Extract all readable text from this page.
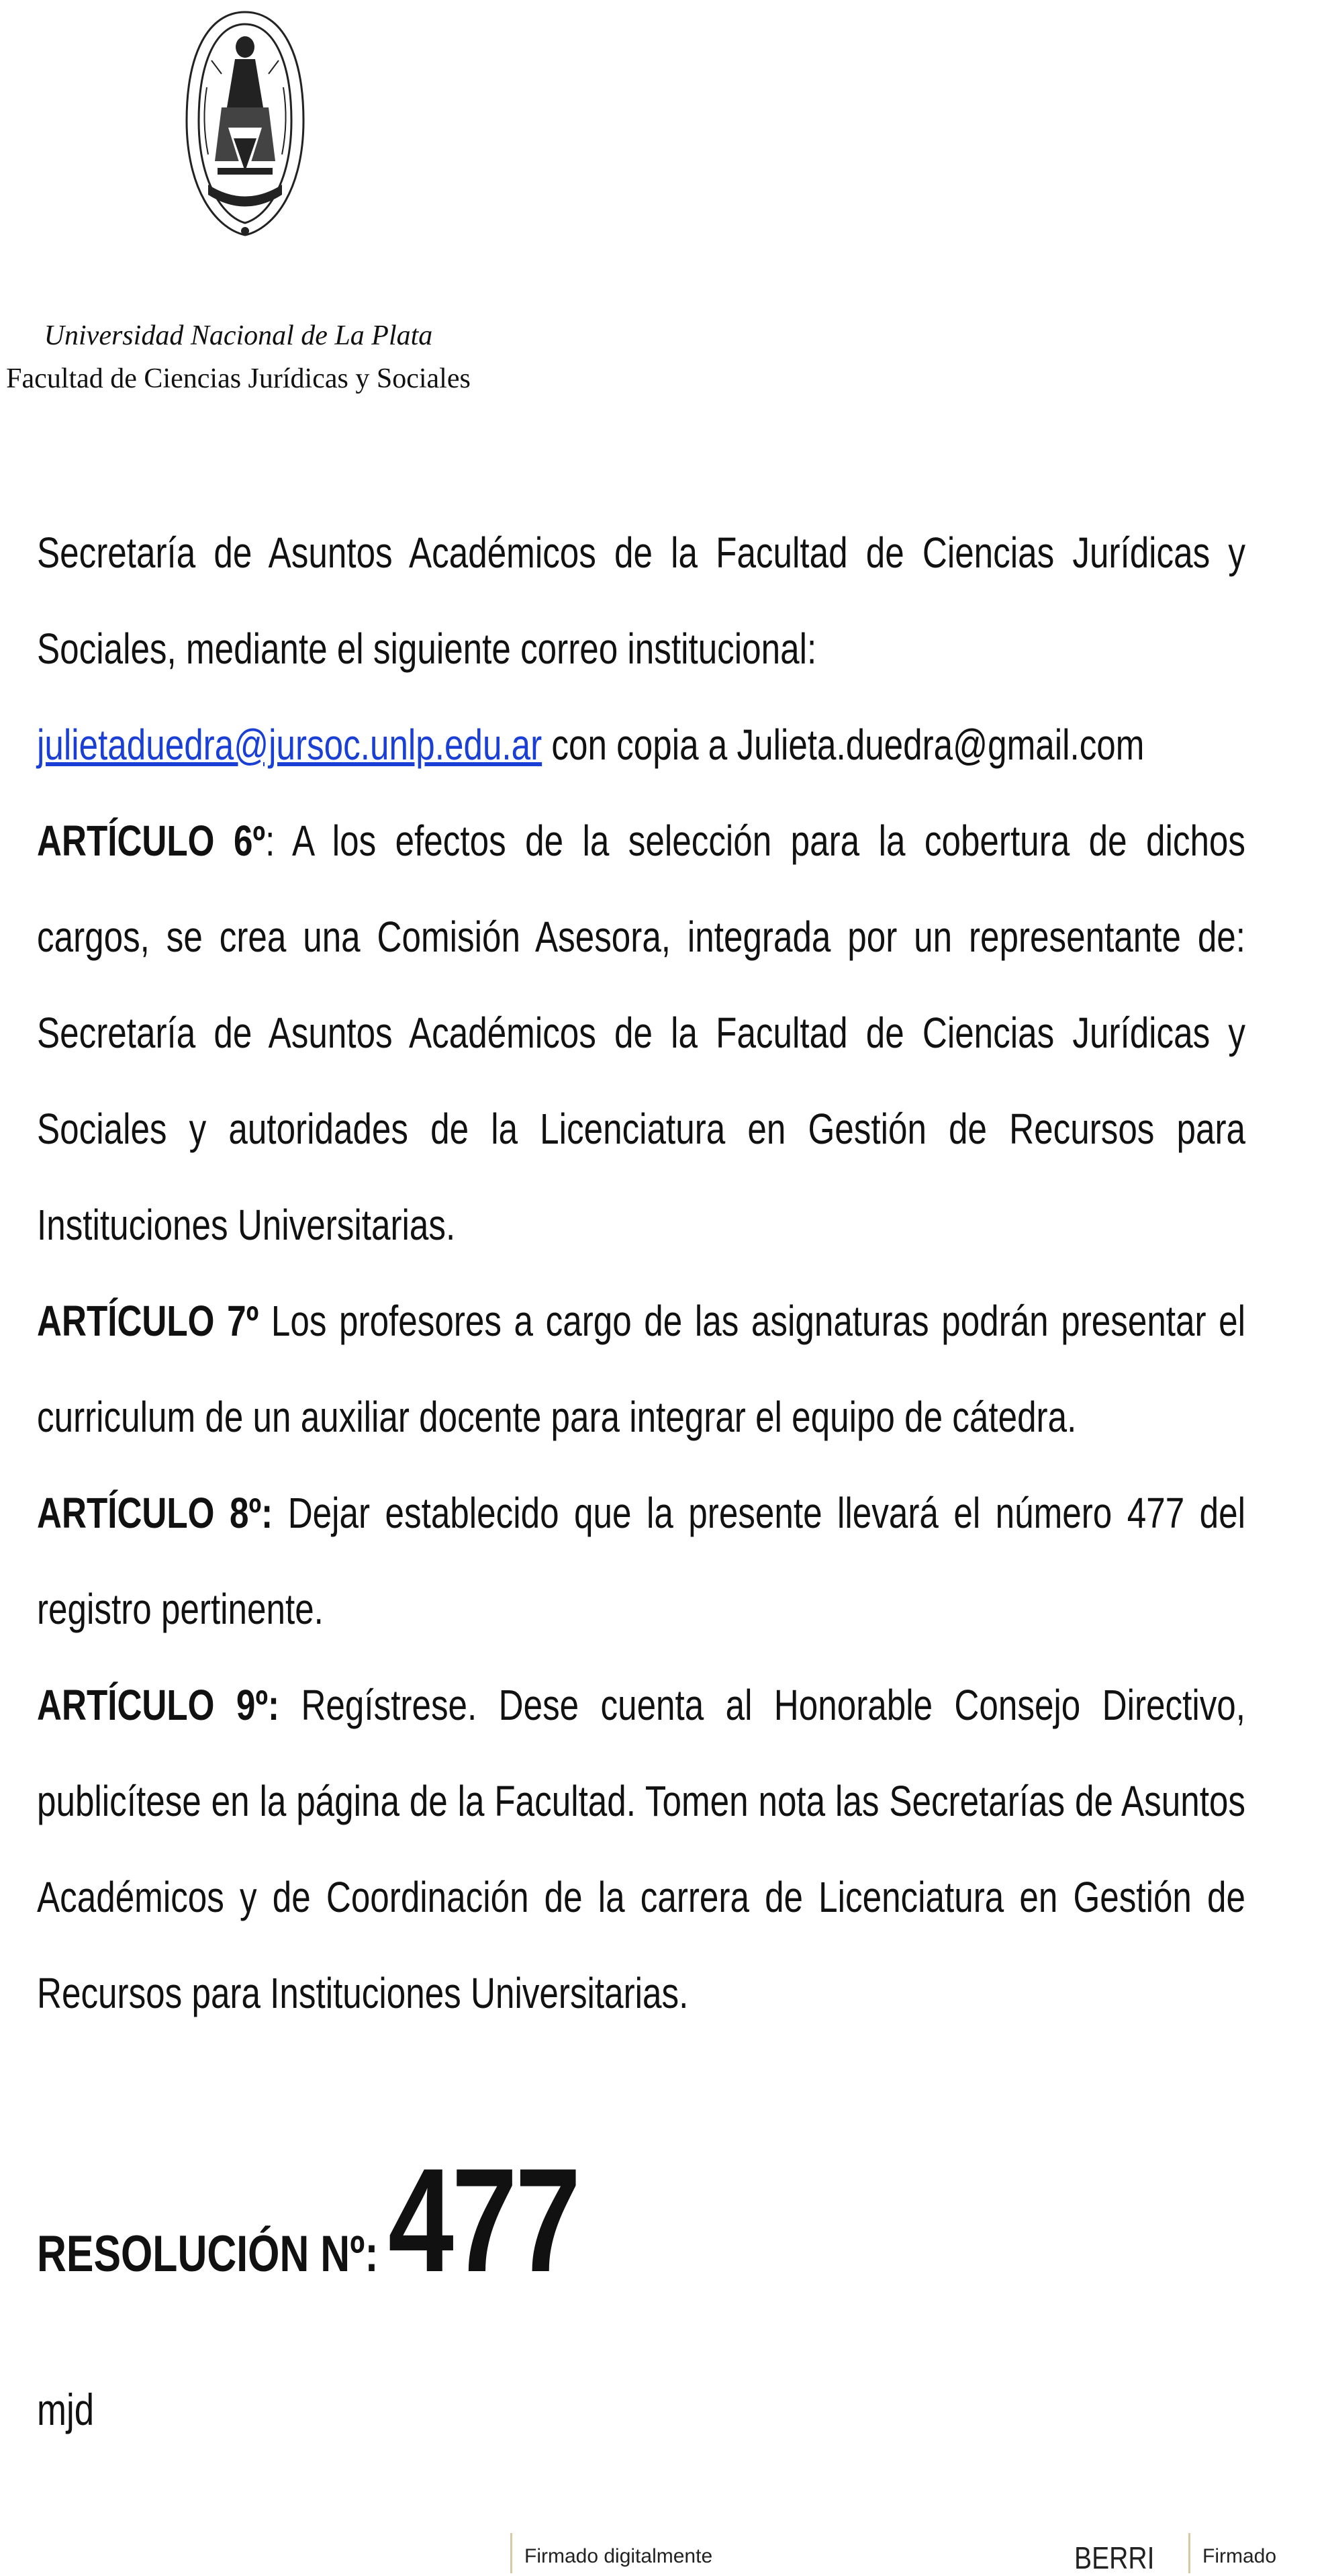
Universidad Nacional de La Plata
Facultad de Ciencias Jurídicas y Sociales

Secretaría de Asuntos Académicos de la Facultad de Ciencias Jurídicas y Sociales, mediante el siguiente correo institucional:

julietaduedra@jursoc.unlp.edu.ar con copia a Julieta.duedra@gmail.com

ARTÍCULO 6º: A los efectos de la selección para la cobertura de dichos cargos, se crea una Comisión Asesora, integrada por un representante de: Secretaría de Asuntos Académicos de la Facultad de Ciencias Jurídicas y Sociales y autoridades de la Licenciatura en Gestión de Recursos para Instituciones Universitarias.

ARTÍCULO 7º Los profesores a cargo de las asignaturas podrán presentar el curriculum de un auxiliar docente para integrar el equipo de cátedra.

ARTÍCULO 8º: Dejar establecido que la presente llevará el número 477 del registro pertinente.

ARTÍCULO 9º: Regístrese. Dese cuenta al Honorable Consejo Directivo, publicítese en la página de la Facultad. Tomen nota las Secretarías de Asuntos Académicos y de Coordinación de la carrera de Licenciatura en Gestión de Recursos para Instituciones Universitarias.

RESOLUCIÓN Nº:477
mjd
Firmado digitalmente	BERRI	Firmado
